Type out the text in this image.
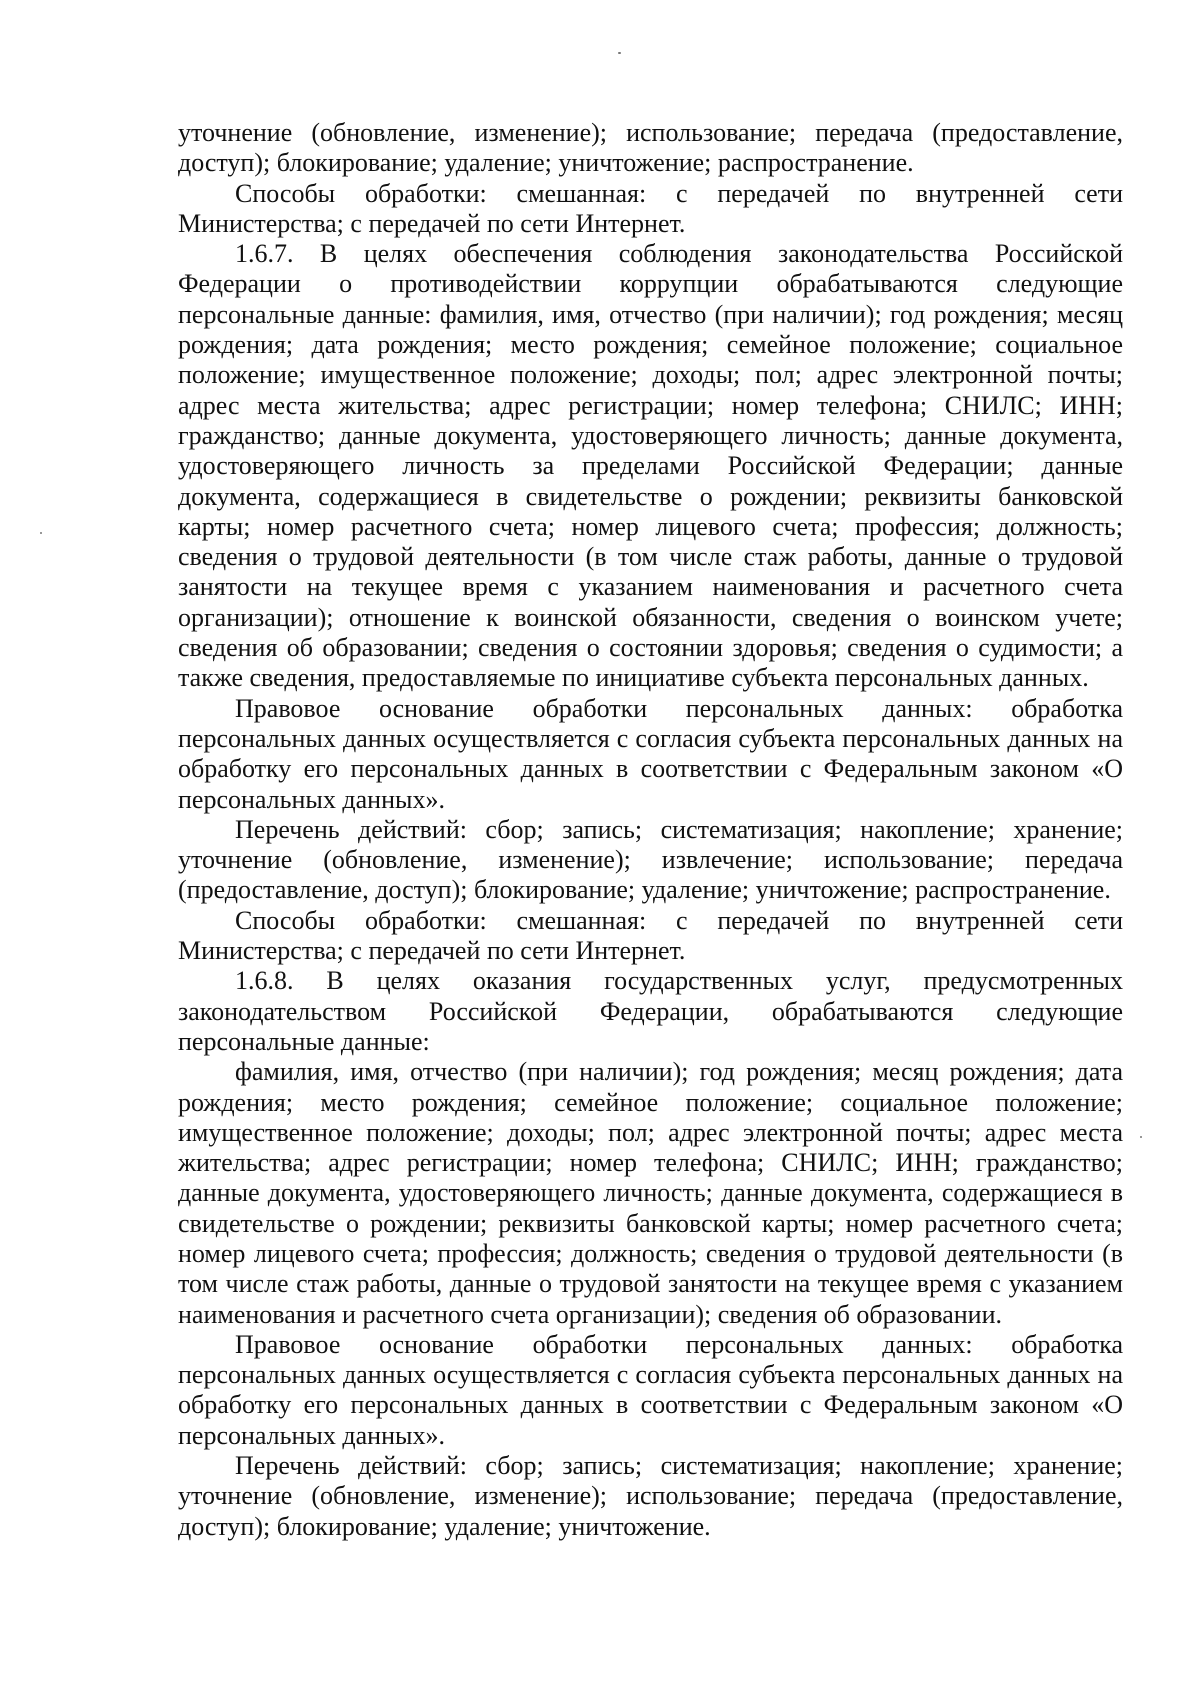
уточнение (обновление, изменение); использование; передача (предоставление, доступ); блокирование; удаление; уничтожение; распространение.

Способы обработки: смешанная: с передачей по внутренней сети Министерства; с передачей по сети Интернет.

1.6.7. В целях обеспечения соблюдения законодательства Российской Федерации о противодействии коррупции обрабатываются следующие персональные данные: фамилия, имя, отчество (при наличии); год рождения; месяц рождения; дата рождения; место рождения; семейное положение; социальное положение; имущественное положение; доходы; пол; адрес электронной почты; адрес места жительства; адрес регистрации; номер телефона; СНИЛС; ИНН; гражданство; данные документа, удостоверяющего личность; данные документа, удостоверяющего личность за пределами Российской Федерации; данные документа, содержащиеся в свидетельстве о рождении; реквизиты банковской карты; номер расчетного счета; номер лицевого счета; профессия; должность; сведения о трудовой деятельности (в том числе стаж работы, данные о трудовой занятости на текущее время с указанием наименования и расчетного счета организации); отношение к воинской обязанности, сведения о воинском учете; сведения об образовании; сведения о состоянии здоровья; сведения о судимости; а также сведения, предоставляемые по инициативе субъекта персональных данных.

Правовое основание обработки персональных данных: обработка персональных данных осуществляется с согласия субъекта персональных данных на обработку его персональных данных в соответствии с Федеральным законом «О персональных данных».

Перечень действий: сбор; запись; систематизация; накопление; хранение; уточнение (обновление, изменение); извлечение; использование; передача (предоставление, доступ); блокирование; удаление; уничтожение; распространение.

Способы обработки: смешанная: с передачей по внутренней сети Министерства; с передачей по сети Интернет.

1.6.8. В целях оказания государственных услуг, предусмотренных законодательством Российской Федерации, обрабатываются следующие персональные данные:

фамилия, имя, отчество (при наличии); год рождения; месяц рождения; дата рождения; место рождения; семейное положение; социальное положение; имущественное положение; доходы; пол; адрес электронной почты; адрес места жительства; адрес регистрации; номер телефона; СНИЛС; ИНН; гражданство; данные документа, удостоверяющего личность; данные документа, содержащиеся в свидетельстве о рождении; реквизиты банковской карты; номер расчетного счета; номер лицевого счета; профессия; должность; сведения о трудовой деятельности (в том числе стаж работы, данные о трудовой занятости на текущее время с указанием наименования и расчетного счета организации); сведения об образовании.

Правовое основание обработки персональных данных: обработка персональных данных осуществляется с согласия субъекта персональных данных на обработку его персональных данных в соответствии с Федеральным законом «О персональных данных».

Перечень действий: сбор; запись; систематизация; накопление; хранение; уточнение (обновление, изменение); использование; передача (предоставление, доступ); блокирование; удаление; уничтожение.
